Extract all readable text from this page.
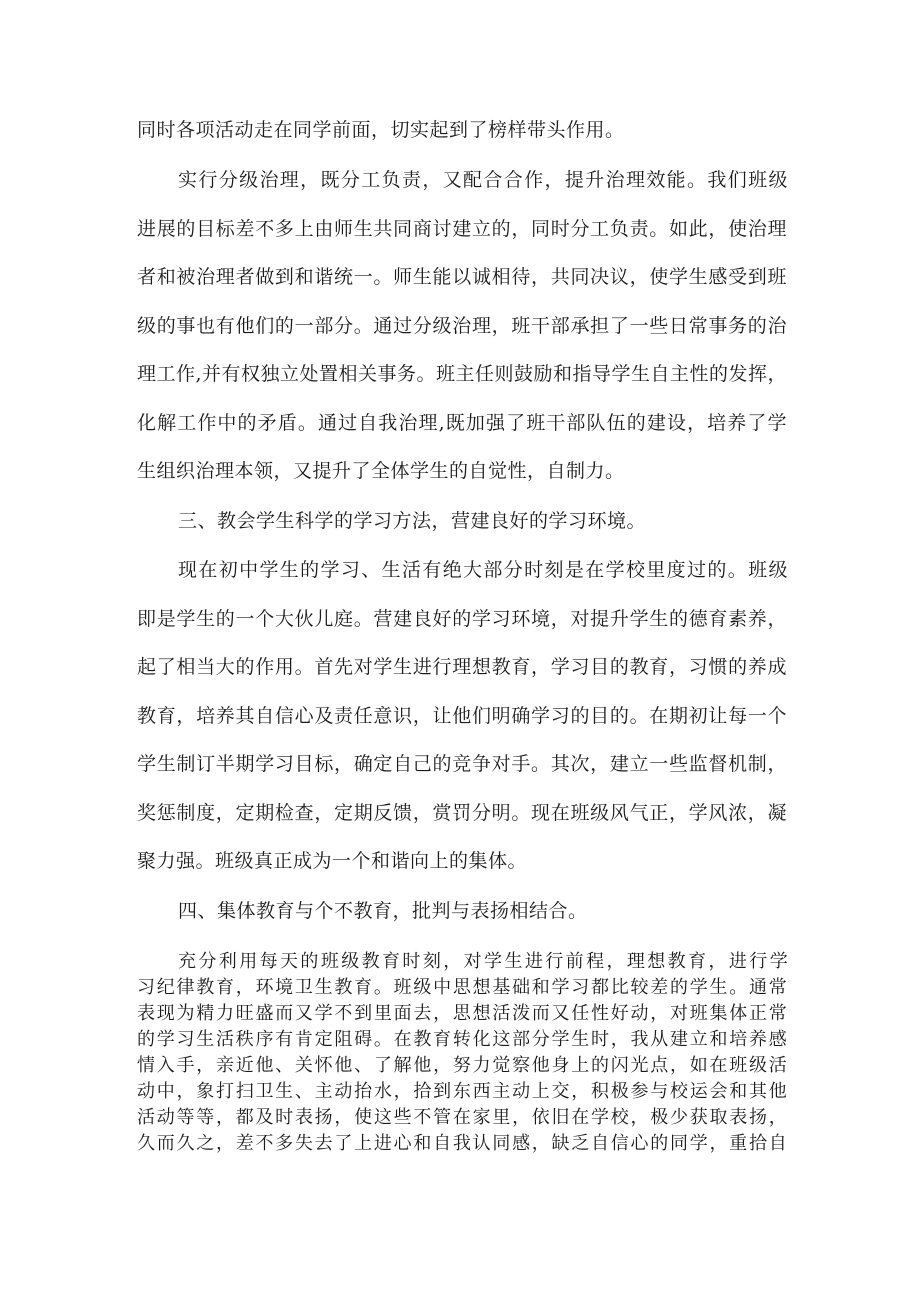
同时各项活动走在同学前面，切实起到了榜样带头作用。
实行分级治理，既分工负责，又配合合作，提升治理效能。我们班级
进展的目标差不多上由师生共同商讨建立的，同时分工负责。如此，使治理
者和被治理者做到和谐统一。师生能以诚相待，共同决议，使学生感受到班
级的事也有他们的一部分。通过分级治理，班干部承担了一些日常事务的治
理工作,并有权独立处置相关事务。班主任则鼓励和指导学生自主性的发挥，
化解工作中的矛盾。通过自我治理,既加强了班干部队伍的建设，培养了学
生组织治理本领，又提升了全体学生的自觉性，自制力。
三、教会学生科学的学习方法，营建良好的学习环境。
现在初中学生的学习、生活有绝大部分时刻是在学校里度过的。班级
即是学生的一个大伙儿庭。营建良好的学习环境，对提升学生的德育素养，
起了相当大的作用。首先对学生进行理想教育，学习目的教育，习惯的养成
教育，培养其自信心及责任意识，让他们明确学习的目的。在期初让每一个
学生制订半期学习目标，确定自己的竞争对手。其次，建立一些监督机制，
奖惩制度，定期检查，定期反馈，赏罚分明。现在班级风气正，学风浓，凝
聚力强。班级真正成为一个和谐向上的集体。
四、集体教育与个不教育，批判与表扬相结合。
充分利用每天的班级教育时刻，对学生进行前程，理想教育，进行学
习纪律教育，环境卫生教育。班级中思想基础和学习都比较差的学生。通常
表现为精力旺盛而又学不到里面去，思想活泼而又任性好动，对班集体正常
的学习生活秩序有肯定阻碍。在教育转化这部分学生时，我从建立和培养感
情入手，亲近他、关怀他、了解他，努力觉察他身上的闪光点，如在班级活
动中，象打扫卫生、主动抬水，拾到东西主动上交，积极参与校运会和其他
活动等等，都及时表扬，使这些不管在家里，依旧在学校，极少获取表扬，
久而久之，差不多失去了上进心和自我认同感，缺乏自信心的同学，重拾自
